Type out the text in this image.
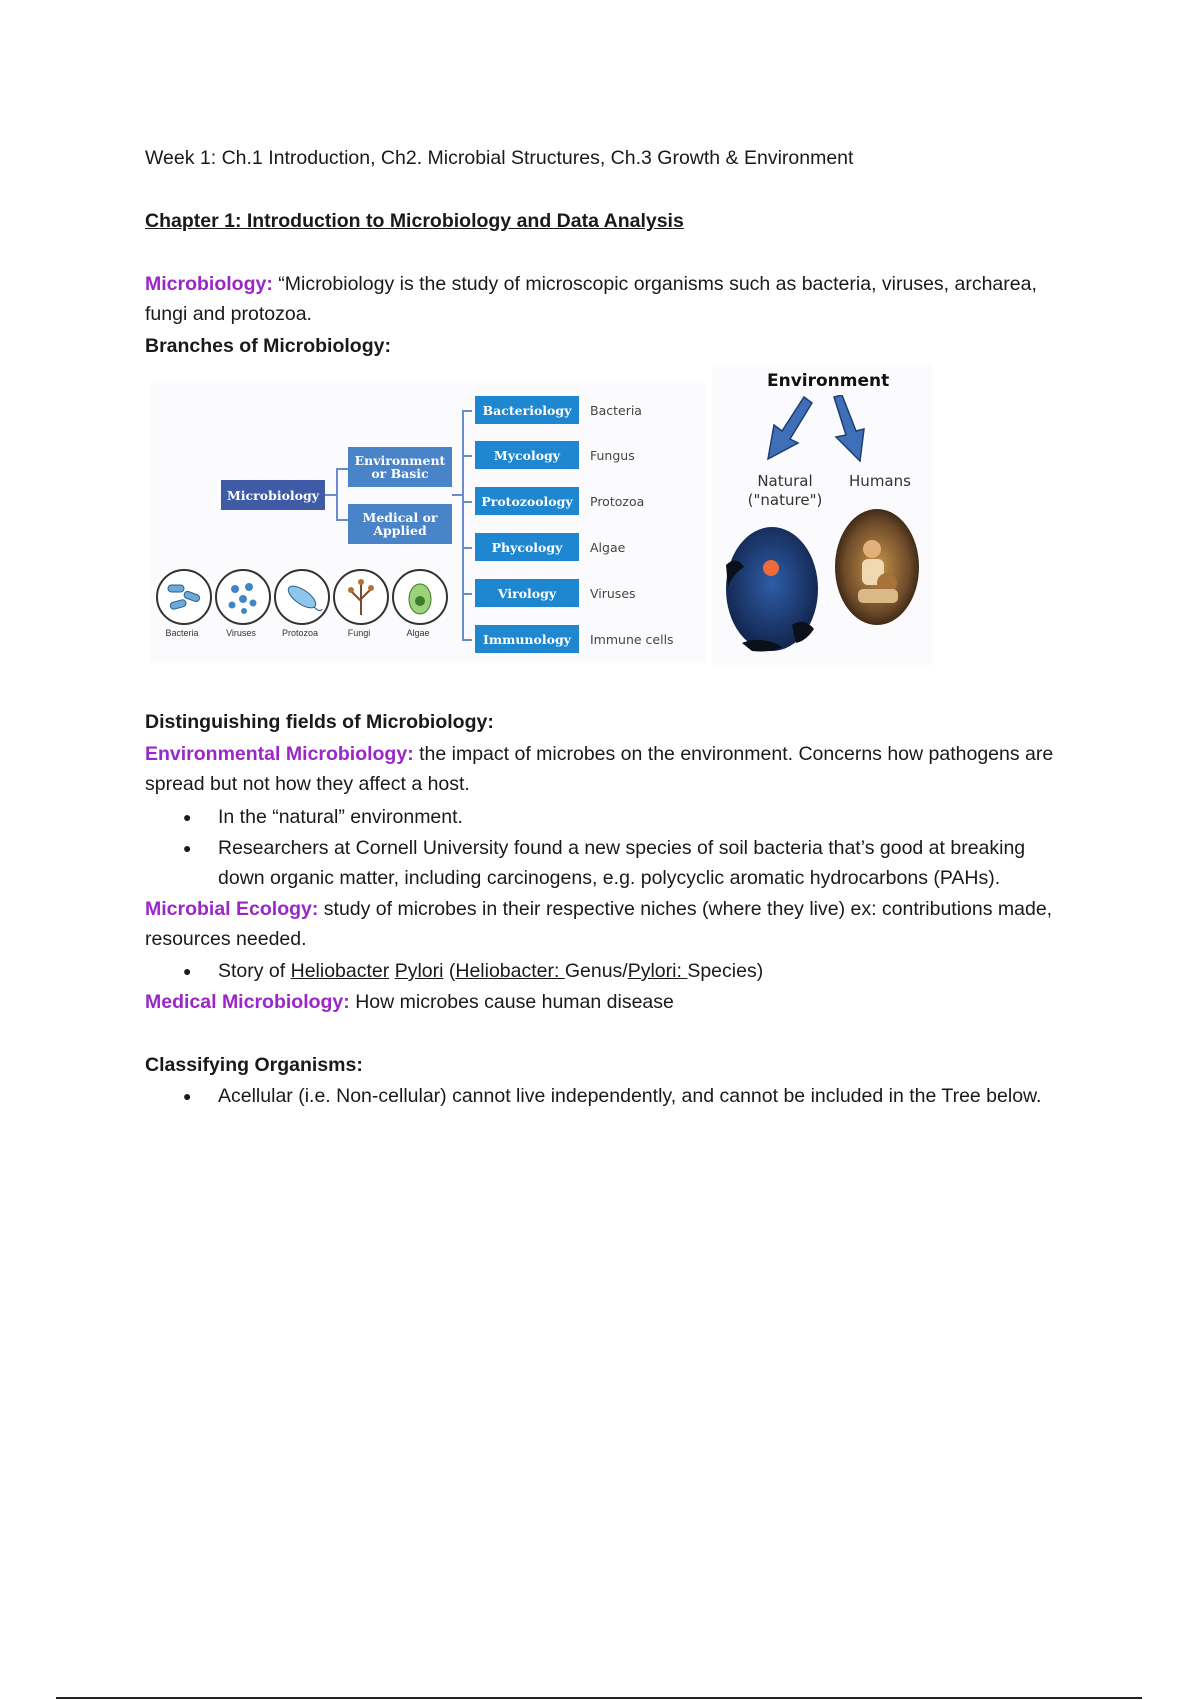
Week 1: Ch.1 Introduction, Ch2. Microbial Structures, Ch.3 Growth & Environment
Chapter 1: Introduction to Microbiology and Data Analysis
Microbiology: “Microbiology is the study of microscopic organisms such as bacteria, viruses, archarea,
fungi and protozoa.
Branches of Microbiology:
Microbiology
Environment or Basic
Medical or Applied
Bacteriology
Mycology
Protozoology
Phycology
Virology
Immunology
Bacteria
Fungus
Protozoa
Algae
Viruses
Immune cells
Bacteria	Viruses	Protozoa	Fungi	Algae
Environment
Natural
("nature")
Humans
Distinguishing fields of Microbiology:
Environmental Microbiology: the impact of microbes on the environment. Concerns how pathogens are
spread but not how they affect a host.
● In the “natural” environment.
● Researchers at Cornell University found a new species of soil bacteria that’s good at breaking
down organic matter, including carcinogens, e.g. polycyclic aromatic hydrocarbons (PAHs).
Microbial Ecology: study of microbes in their respective niches (where they live) ex: contributions made,
resources needed.
● Story of Heliobacter Pylori (Heliobacter: Genus/Pylori: Species)
Medical Microbiology: How microbes cause human disease
Classifying Organisms:
● Acellular (i.e. Non-cellular) cannot live independently, and cannot be included in the Tree below.
